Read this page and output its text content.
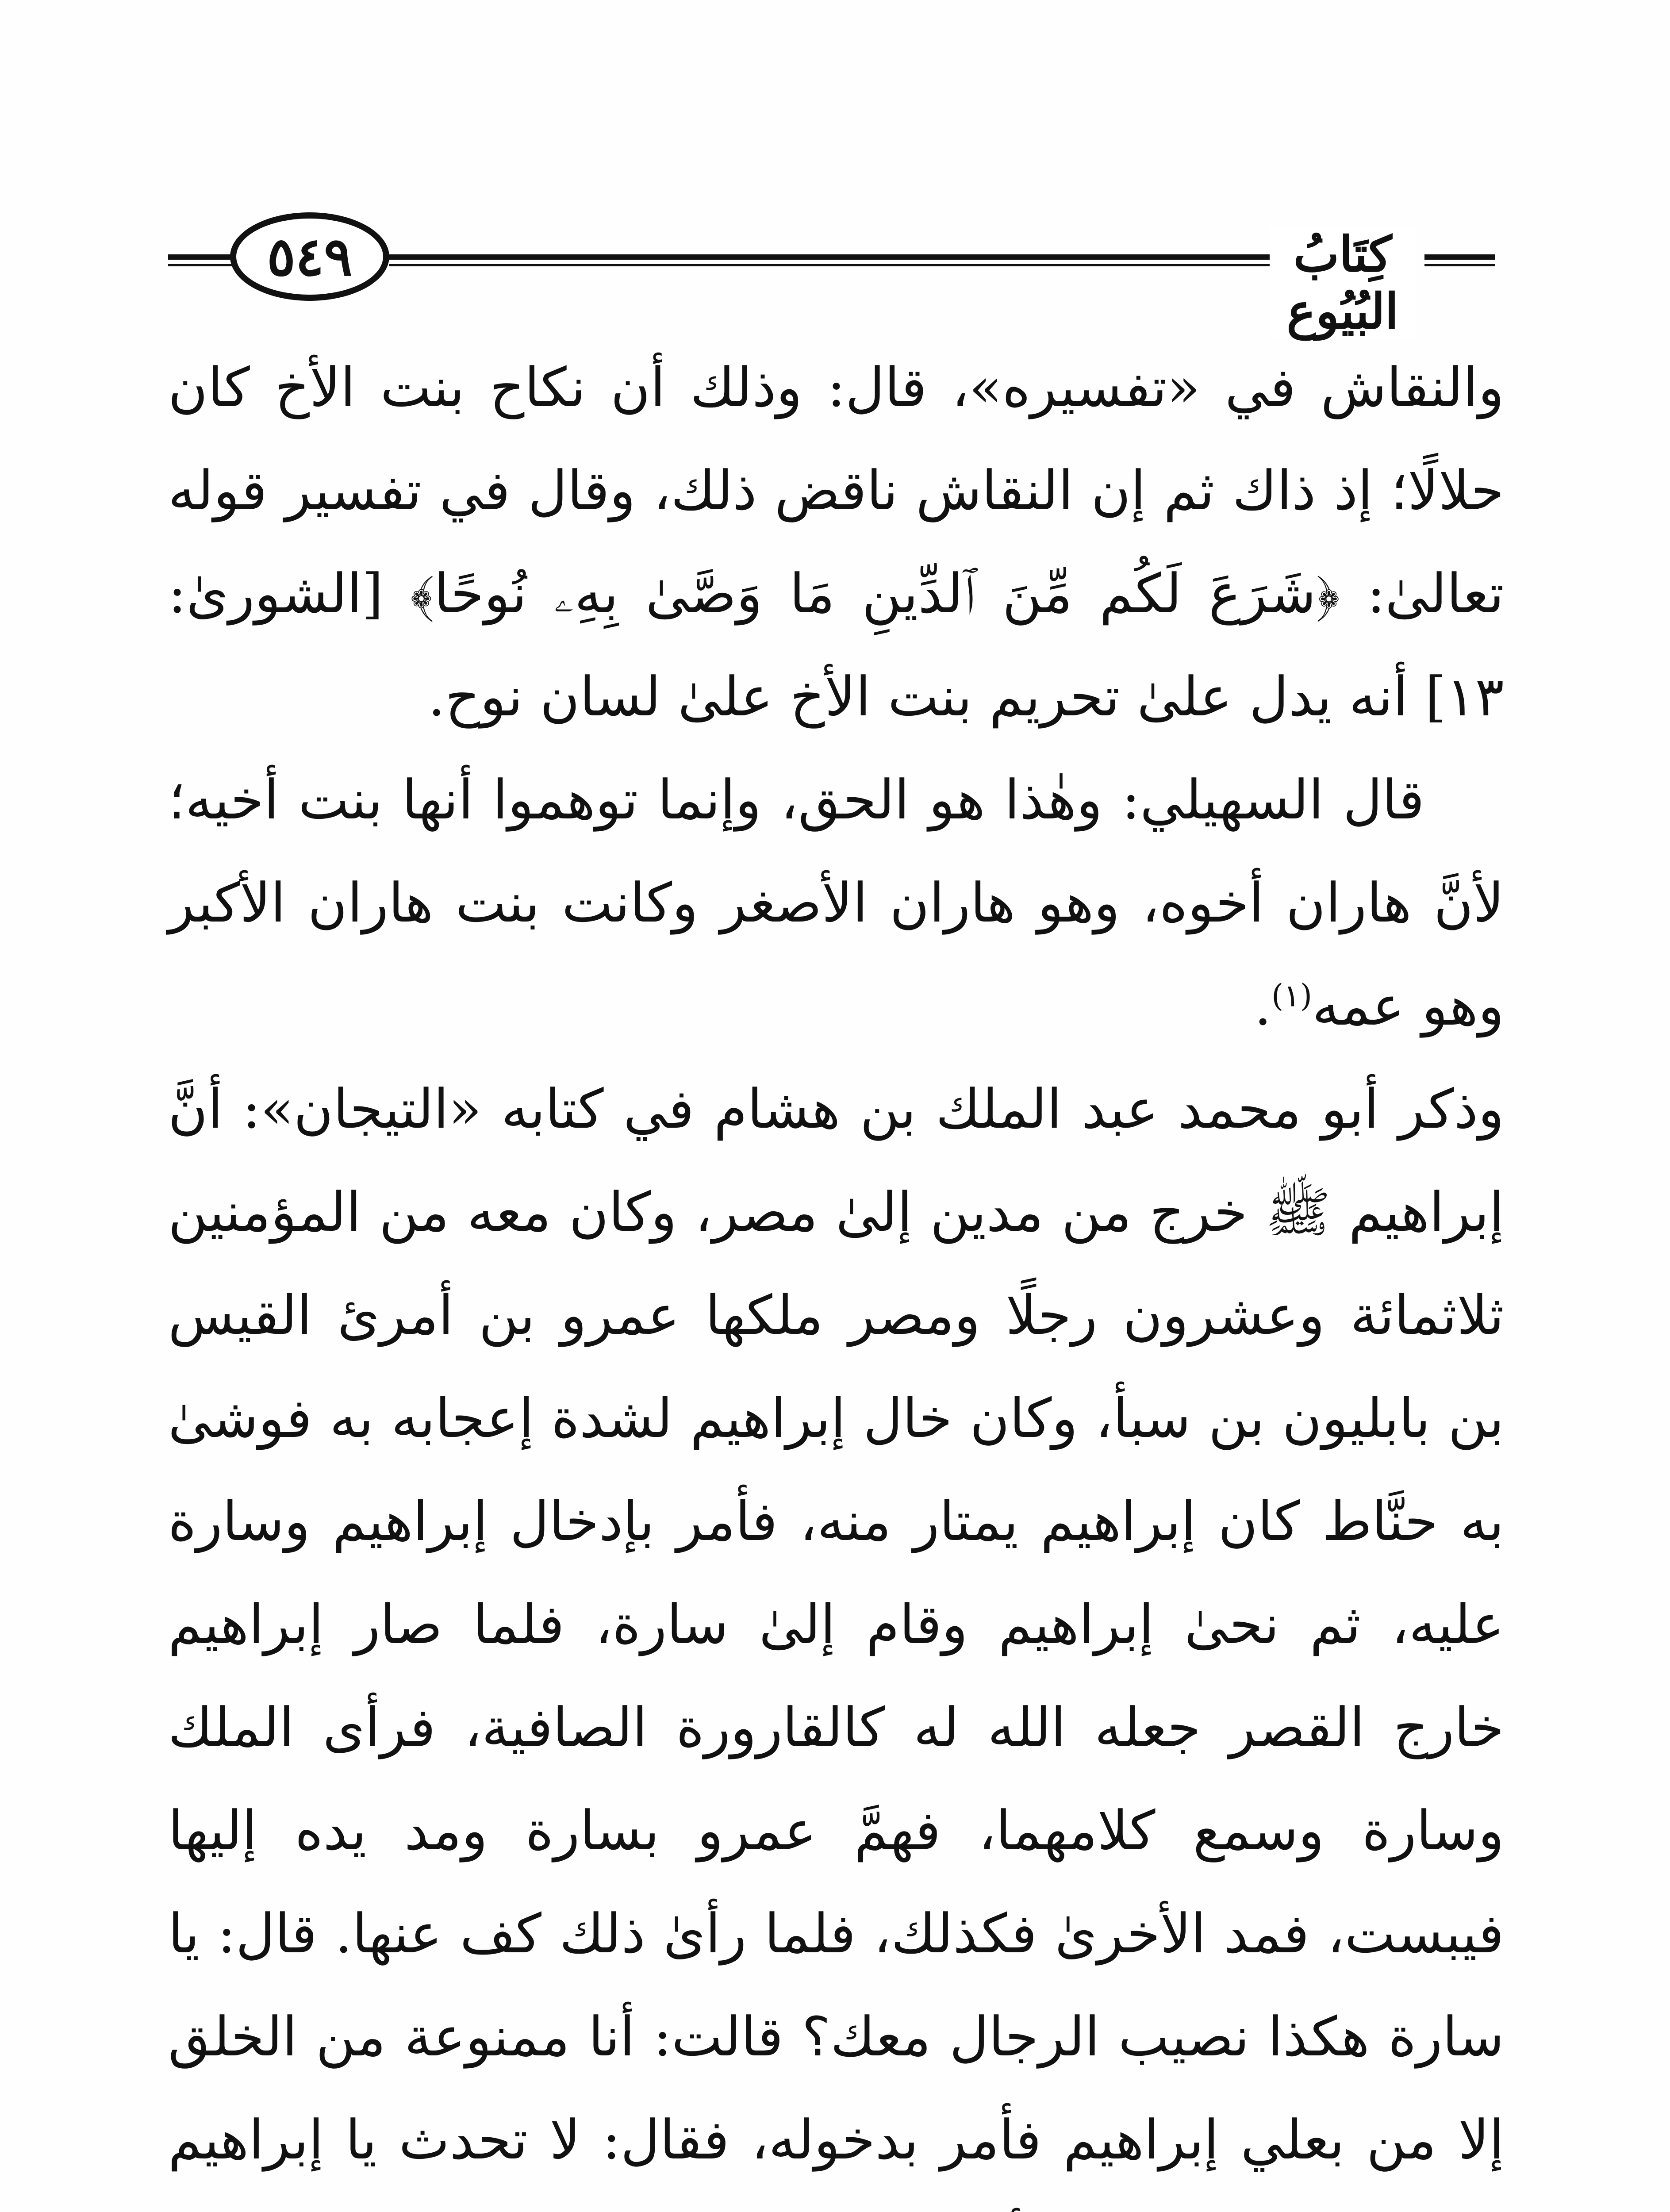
٥٤٩	كِتَابُ البُيُوع

والنقاش في «تفسيره»، قال: وذلك أن نكاح بنت الأخ كان حلالًا؛ إذ ذاك ثم إن النقاش ناقض ذلك، وقال في تفسير قوله تعالىٰ: ﴿شَرَعَ لَكُم مِّنَ ٱلدِّينِ مَا وَصَّىٰ بِهِۦ نُوحًا﴾ [الشورىٰ: ١٣] أنه يدل علىٰ تحريم بنت الأخ علىٰ لسان نوح.

قال السهيلي: وهٰذا هو الحق، وإنما توهموا أنها بنت أخيه؛ لأنَّ هاران أخوه، وهو هاران الأصغر وكانت بنت هاران الأكبر وهو عمه$^{(١)}$.

وذكر أبو محمد عبد الملك بن هشام في كتابه «التيجان»: أنَّ إبراهيم ﷺ خرج من مدين إلىٰ مصر، وكان معه من المؤمنين ثلاثمائة وعشرون رجلًا ومصر ملكها عمرو بن أمرئ القيس بن بابليون بن سبأ، وكان خال إبراهيم لشدة إعجابه به فوشىٰ به حنَّاط كان إبراهيم يمتار منه، فأمر بإدخال إبراهيم وسارة عليه، ثم نحىٰ إبراهيم وقام إلىٰ سارة، فلما صار إبراهيم خارج القصر جعله الله له كالقارورة الصافية، فرأى الملك وسارة وسمع كلامهما، فهمَّ عمرو بسارة ومد يده إليها فيبست، فمد الأخرىٰ فكذلك، فلما رأىٰ ذلك كف عنها. قال: يا سارة هكذا نصيب الرجال معك؟ قالت: أنا ممنوعة من الخلق إلا من بعلي إبراهيم فأمر بدخوله، فقال: لا تحدث يا إبراهيم
